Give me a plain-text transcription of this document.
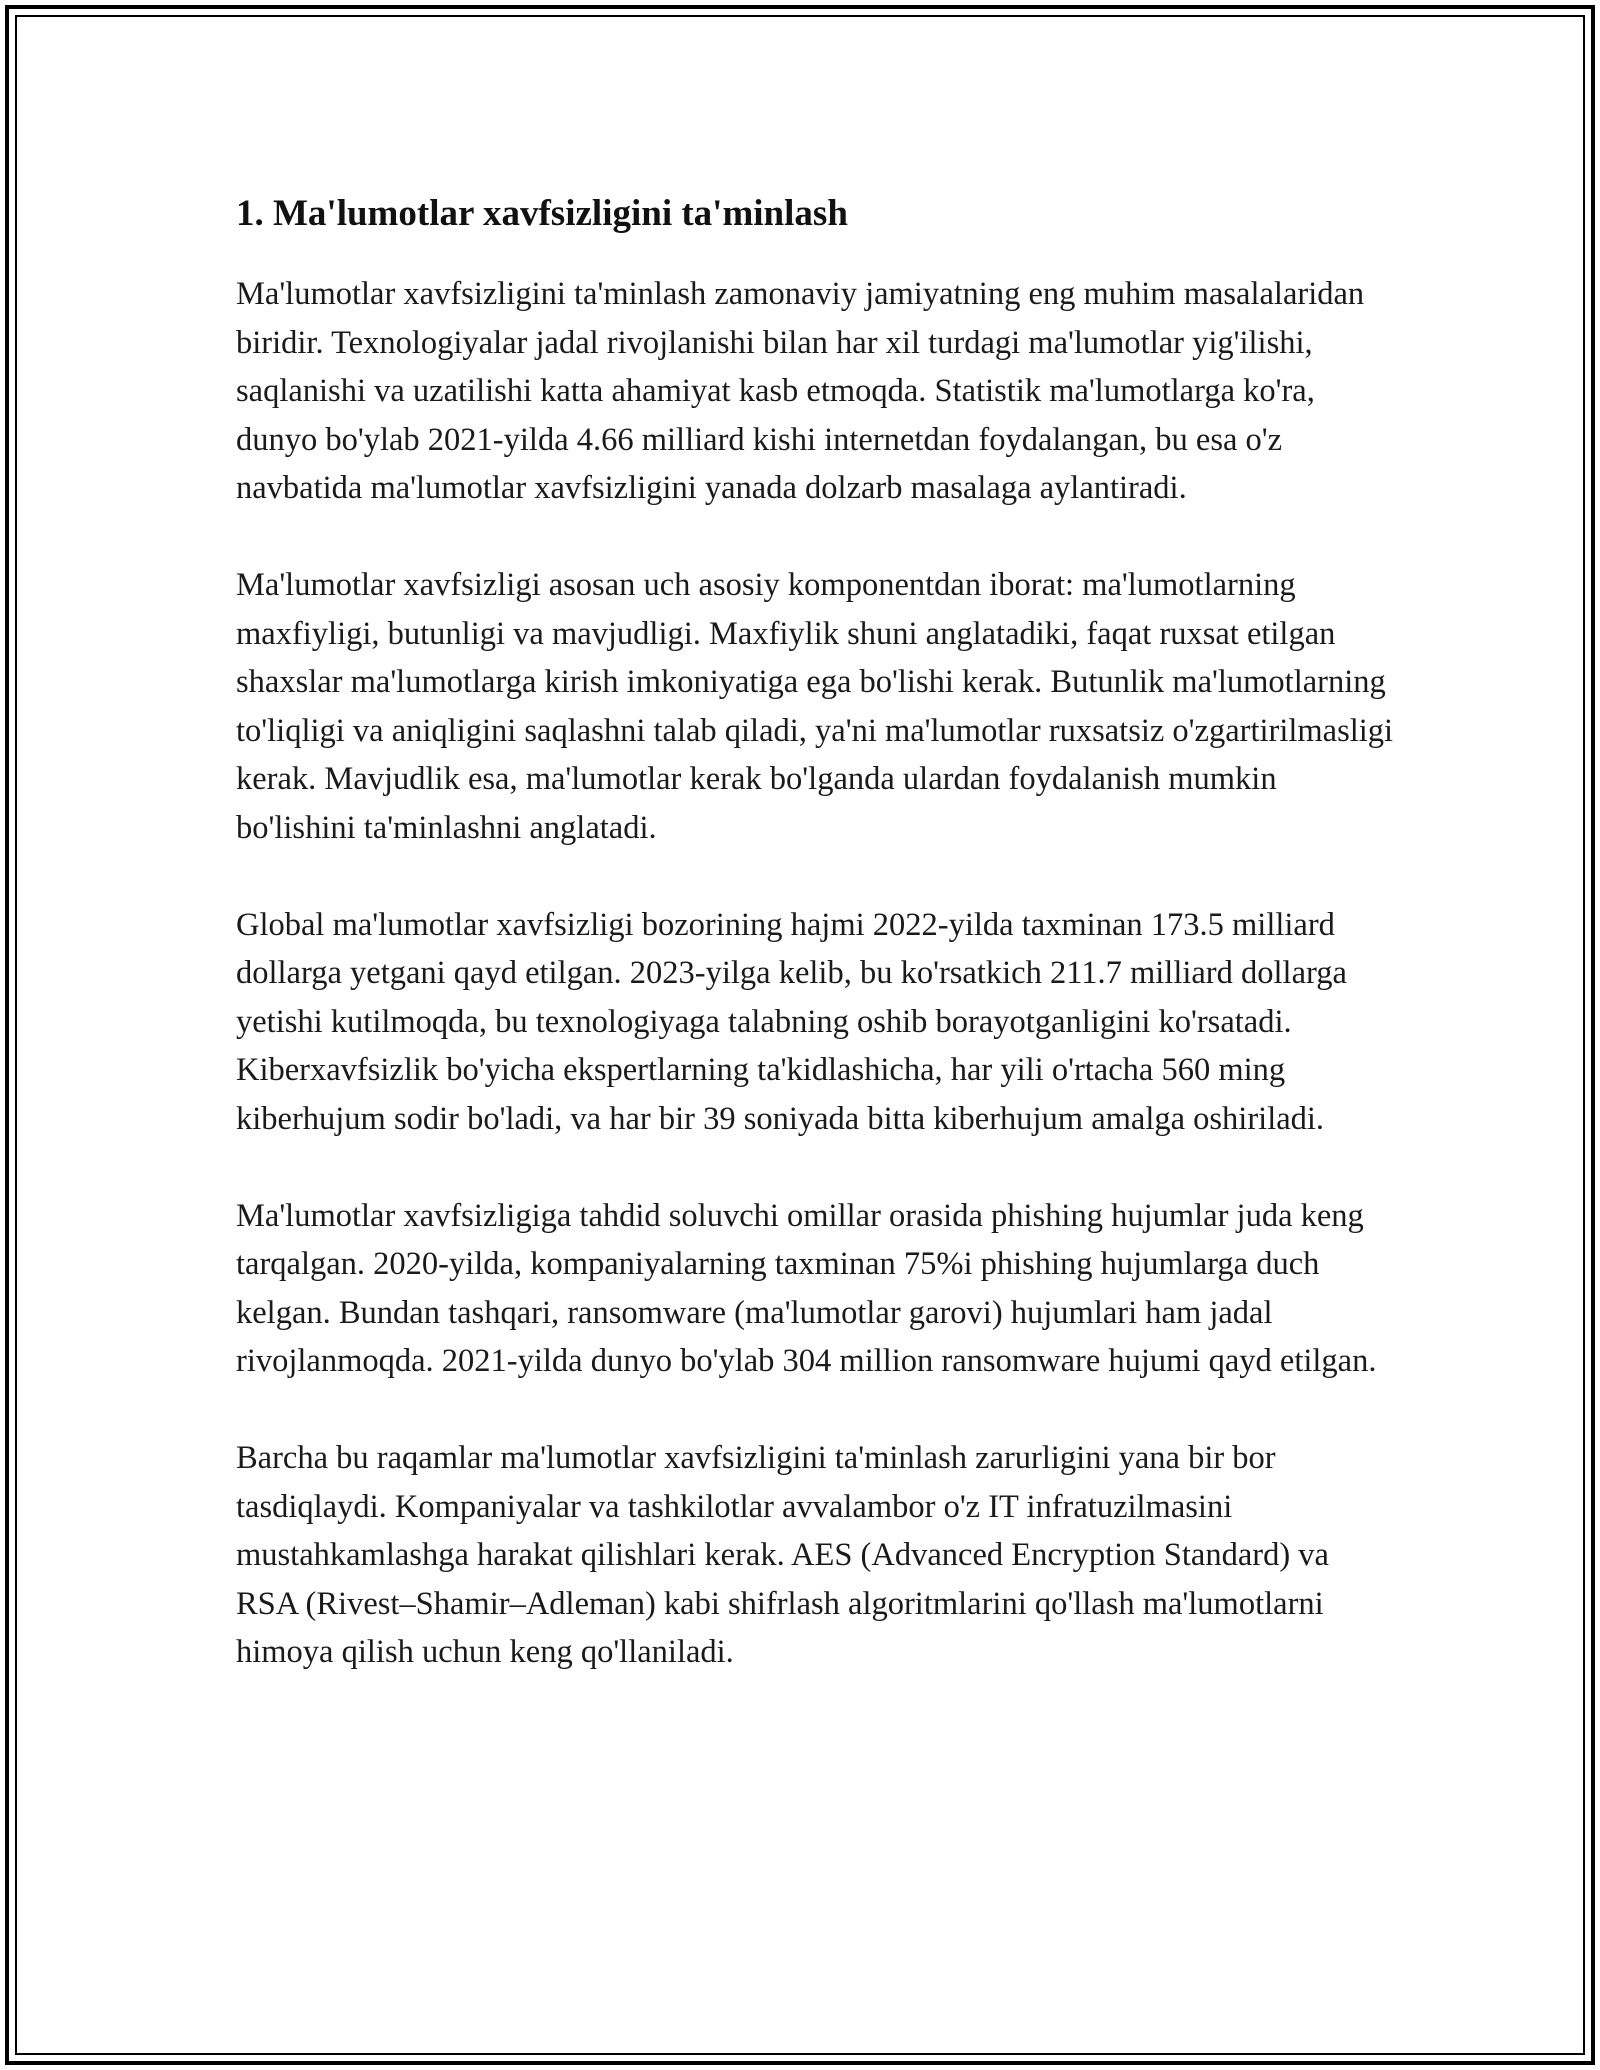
1. Ma'lumotlar xavfsizligini ta'minlash

Ma'lumotlar xavfsizligini ta'minlash zamonaviy jamiyatning eng muhim masalalaridan biridir. Texnologiyalar jadal rivojlanishi bilan har xil turdagi ma'lumotlar yig'ilishi, saqlanishi va uzatilishi katta ahamiyat kasb etmoqda. Statistik ma'lumotlarga ko'ra, dunyo bo'ylab 2021-yilda 4.66 milliard kishi internetdan foydalangan, bu esa o'z navbatida ma'lumotlar xavfsizligini yanada dolzarb masalaga aylantiradi.

Ma'lumotlar xavfsizligi asosan uch asosiy komponentdan iborat: ma'lumotlarning maxfiyligi, butunligi va mavjudligi. Maxfiylik shuni anglatadiki, faqat ruxsat etilgan shaxslar ma'lumotlarga kirish imkoniyatiga ega bo'lishi kerak. Butunlik ma'lumotlarning to'liqligi va aniqligini saqlashni talab qiladi, ya'ni ma'lumotlar ruxsatsiz o'zgartirilmasligi kerak. Mavjudlik esa, ma'lumotlar kerak bo'lganda ulardan foydalanish mumkin bo'lishini ta'minlashni anglatadi.

Global ma'lumotlar xavfsizligi bozorining hajmi 2022-yilda taxminan 173.5 milliard dollarga yetgani qayd etilgan. 2023-yilga kelib, bu ko'rsatkich 211.7 milliard dollarga yetishi kutilmoqda, bu texnologiyaga talabning oshib borayotganligini ko'rsatadi. Kiberxavfsizlik bo'yicha ekspertlarning ta'kidlashicha, har yili o'rtacha 560 ming kiberhujum sodir bo'ladi, va har bir 39 soniyada bitta kiberhujum amalga oshiriladi.

Ma'lumotlar xavfsizligiga tahdid soluvchi omillar orasida phishing hujumlar juda keng tarqalgan. 2020-yilda, kompaniyalarning taxminan 75%i phishing hujumlarga duch kelgan. Bundan tashqari, ransomware (ma'lumotlar garovi) hujumlari ham jadal rivojlanmoqda. 2021-yilda dunyo bo'ylab 304 million ransomware hujumi qayd etilgan.

Barcha bu raqamlar ma'lumotlar xavfsizligini ta'minlash zarurligini yana bir bor tasdiqlaydi. Kompaniyalar va tashkilotlar avvalambor o'z IT infratuzilmasini mustahkamlashga harakat qilishlari kerak. AES (Advanced Encryption Standard) va RSA (Rivest–Shamir–Adleman) kabi shifrlash algoritmlarini qo'llash ma'lumotlarni himoya qilish uchun keng qo'llaniladi.
